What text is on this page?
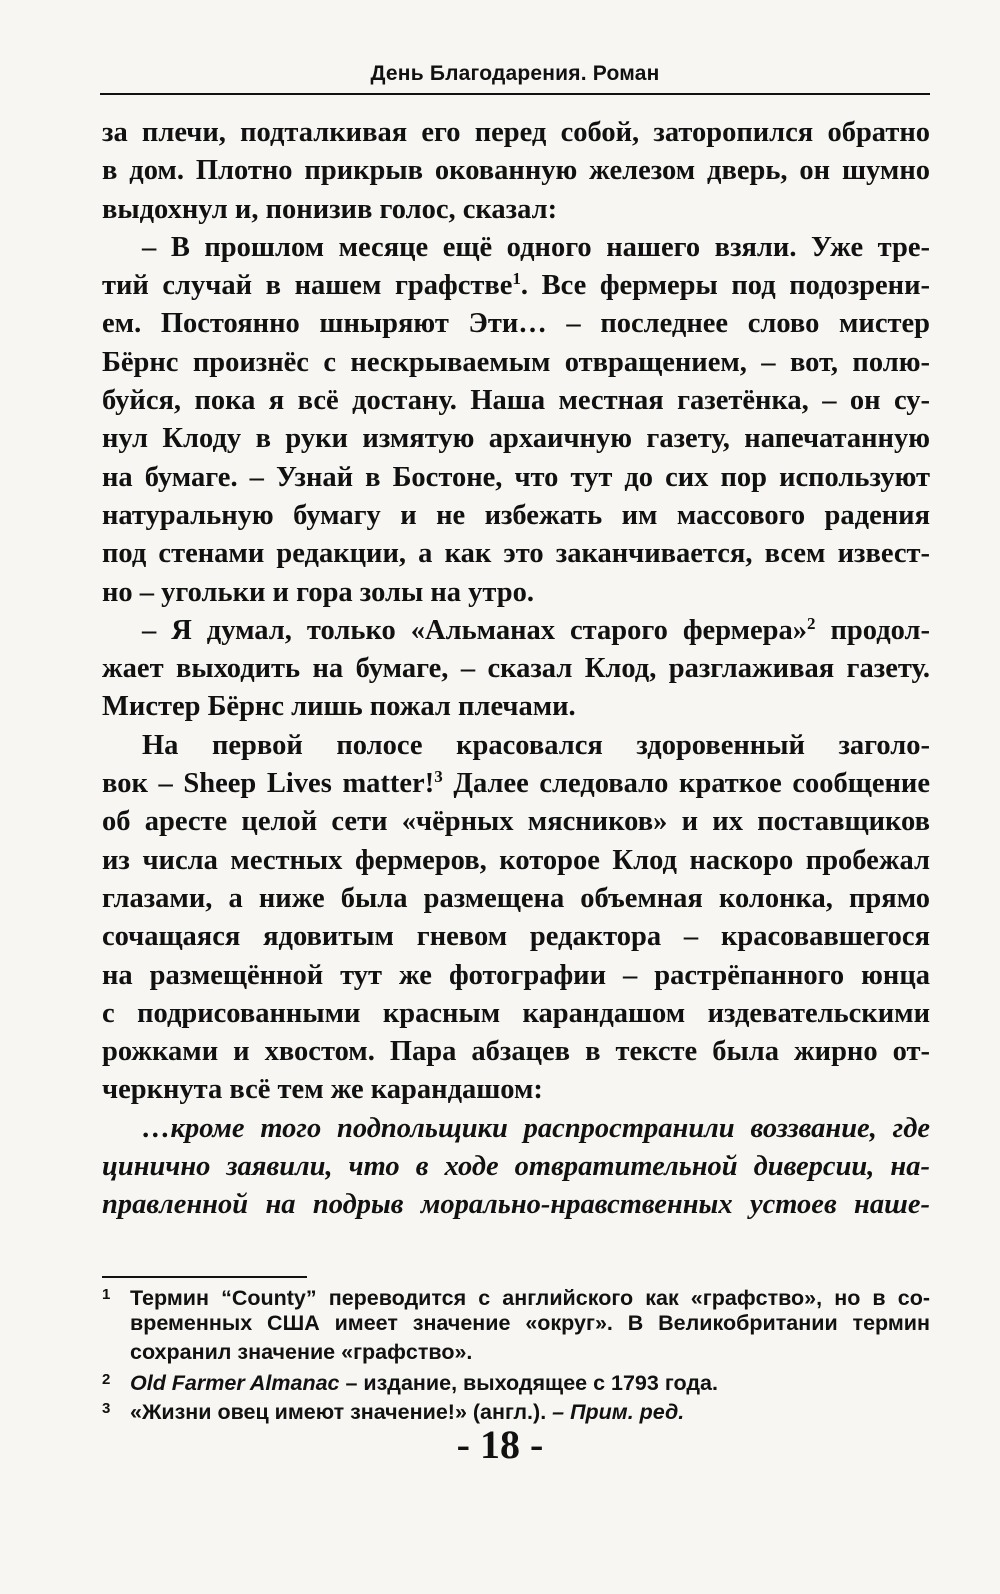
День Благодарения. Роман
за плечи, подталкивая его перед собой, заторопился обратно
в дом. Плотно прикрыв окованную железом дверь, он шумно
выдохнул и, понизив голос, сказал:
– В прошлом месяце ещё одного нашего взяли. Уже тре-
тий случай в нашем графстве$^1$. Все фермеры под подозрени-
ем. Постоянно шныряют Эти… – последнее слово мистер
Бёрнс произнёс с нескрываемым отвращением, – вот, полю-
буйся, пока я всё достану. Наша местная газетёнка, – он су-
нул Клоду в руки измятую архаичную газету, напечатанную
на бумаге. – Узнай в Бостоне, что тут до сих пор используют
натуральную бумагу и не избежать им массового радения
под стенами редакции, а как это заканчивается, всем извест-
но – угольки и гора золы на утро.
– Я думал, только «Альманах старого фермера»$^2$ продол-
жает выходить на бумаге, – сказал Клод, разглаживая газету.
Мистер Бёрнс лишь пожал плечами.
На первой полосе красовался здоровенный заголо-
вок – Sheep Lives matter!$^3$ Далее следовало краткое сообщение
об аресте целой сети «чёрных мясников» и их поставщиков
из числа местных фермеров, которое Клод наскоро пробежал
глазами, а ниже была размещена объемная колонка, прямо
сочащаяся ядовитым гневом редактора – красовавшегося
на размещённой тут же фотографии – растрёпанного юнца
с подрисованными красным карандашом издевательскими
рожками и хвостом. Пара абзацев в тексте была жирно от-
черкнута всё тем же карандашом:
…кроме того подпольщики распространили воззвание, где
цинично заявили, что в ходе отвратительной диверсии, на-
правленной на подрыв морально-нравственных устоев наше-
1 Термин “County” переводится с английского как «графство», но в со-
временных США имеет значение «округ». В Великобритании термин
сохранил значение «графство».
2 Old Farmer Almanac – издание, выходящее с 1793 года.
3 «Жизни овец имеют значение!» (англ.). – Прим. ред.
- 18 -
